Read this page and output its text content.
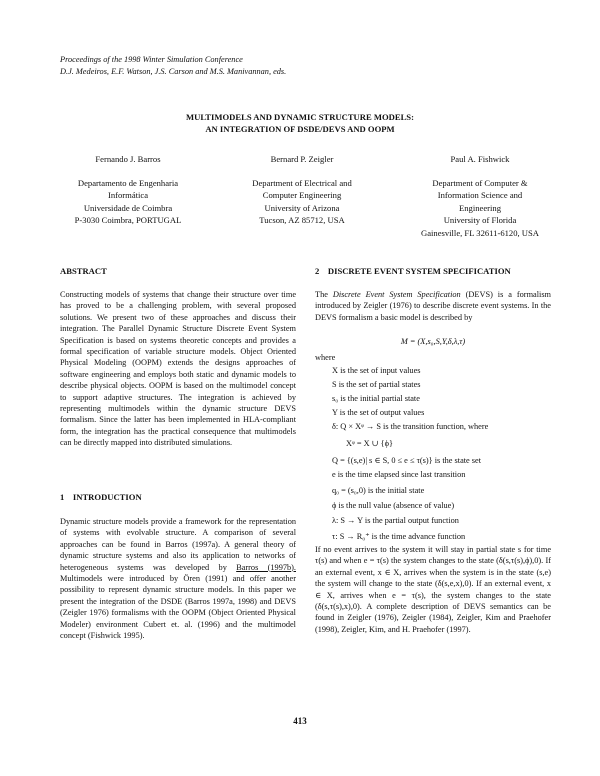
Proceedings of the 1998 Winter Simulation Conference
D.J. Medeiros, E.F. Watson, J.S. Carson and M.S. Manivannan, eds.
MULTIMODELS AND DYNAMIC STRUCTURE MODELS:
AN INTEGRATION OF DSDE/DEVS AND OOPM
Fernando J. Barros
Departamento de Engenharia
Informática
Universidade de Coimbra
P-3030 Coimbra, PORTUGAL
Bernard P. Zeigler
Department of Electrical and
Computer Engineering
University of Arizona
Tucson, AZ 85712, USA
Paul A. Fishwick
Department of Computer &
Information Science and
Engineering
University of Florida
Gainesville, FL 32611-6120, USA
ABSTRACT

Constructing models of systems that change their structure over time has proved to be a challenging problem, with several proposed solutions. We present two of these approaches and discuss their integration. The Parallel Dynamic Structure Discrete Event System Specification is based on systems theoretic concepts and provides a formal specification of variable structure models. Object Oriented Physical Modeling (OOPM) extends the designs approaches of software engineering and employs both static and dynamic models to describe physical objects. OOPM is based on the multimodel concept to support adaptive structures. The integration is achieved by representing multimodels within the dynamic structure DEVS formalism. Since the latter has been implemented in HLA-compliant form, the integration has the practical consequence that multimodels can be directly mapped into distributed simulations.

1    INTRODUCTION

Dynamic structure models provide a framework for the representation of systems with evolvable structure. A comparison of several approaches can be found in Barros (1997a). A general theory of dynamic structure systems and also its application to networks of heterogeneous systems was developed by Barros (1997b). Multimodels were introduced by Ören (1991) and offer another possibility to represent dynamic structure models. In this paper we present the integration of the DSDE (Barros 1997a, 1998) and DEVS (Zeigler 1976) formalisms with the OOPM (Object Oriented Physical Modeler) environment Cubert et. al. (1996) and the multimodel concept (Fishwick 1995).

2    DISCRETE EVENT SYSTEM SPECIFICATION

The Discrete Event System Specification (DEVS) is a formalism introduced by Zeigler (1976) to describe discrete event systems. In the DEVS formalism a basic model is described by

M = (X,s₀,S,Y,δ,λ,τ)
where
X is the set of input values
S is the set of partial states
s₀ is the initial partial state
Y is the set of output values
δ: Q × Xᵠ → S is the transition function, where
Xᵠ = X ∪ {ϕ}
Q = {(s,e)| s ∈ S, 0 ≤ e ≤ τ(s)} is the state set
e is the time elapsed since last transition
q₀ = (s₀,0) is the initial state
ϕ is the null value (absence of value)
λ: S → Y is the partial output function
τ: S → R₀⁺ is the time advance function

If no event arrives to the system it will stay in partial state s for time τ(s) and when e = τ(s) the system changes to the state (δ(s,τ(s),ϕ),0). If an external event, x ∈ X, arrives when the system is in the state (s,e) the system will change to the state (δ(s,e,x),0). If an external event, x ∈ X, arrives when e = τ(s), the system changes to the state (δ(s,τ(s),x),0). A complete description of DEVS semantics can be found in Zeigler (1976), Zeigler (1984), Zeigler, Kim and Praehofer (1998), Zeigler, Kim, and H. Praehofer (1997).

413
